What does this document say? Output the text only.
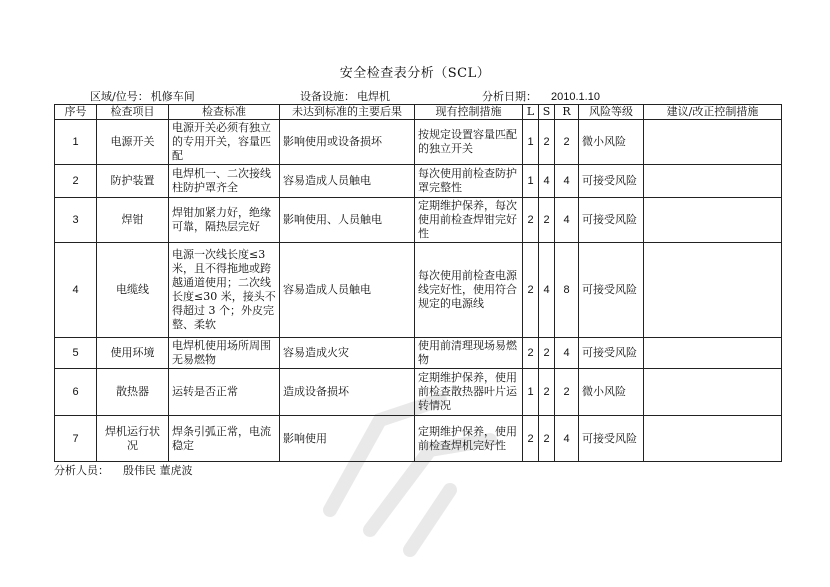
安全检查表分析（SCL）
区域/位号： 机修车间	设备设施： 电焊机	分析日期： 2010.1.10
序号	检查项目	检查标准	未达到标准的主要后果	现有控制措施	L	S	R	风险等级	建议/改正控制措施
1	电源开关	电源开关必须有独立的专用开关，容量匹配	影响使用或设备损坏	按规定设置容量匹配的独立开关	1	2	2	微小风险	
2	防护装置	电焊机一、二次接线柱防护罩齐全	容易造成人员触电	每次使用前检查防护罩完整性	1	4	4	可接受风险	
3	焊钳	焊钳加紧力好，绝缘可靠，隔热层完好	影响使用、人员触电	定期维护保养，每次使用前检查焊钳完好性	2	2	4	可接受风险	
4	电缆线	电源一次线长度≤3米，且不得拖地或跨越通道使用；二次线长度≤30 米，接头不得超过 3 个；外皮完整、柔软	容易造成人员触电	每次使用前检查电源线完好性，使用符合规定的电源线	2	4	8	可接受风险	
5	使用环境	电焊机使用场所周围无易燃物	容易造成火灾	使用前清理现场易燃物	2	2	4	可接受风险	
6	散热器	运转是否正常	造成设备损坏	定期维护保养，使用前检查散热器叶片运转情况	1	2	2	微小风险	
7	焊机运行状况	焊条引弧正常，电流稳定	影响使用	定期维护保养，使用前检查焊机完好性	2	2	4	可接受风险	
分析人员： 殷伟民 董虎波
